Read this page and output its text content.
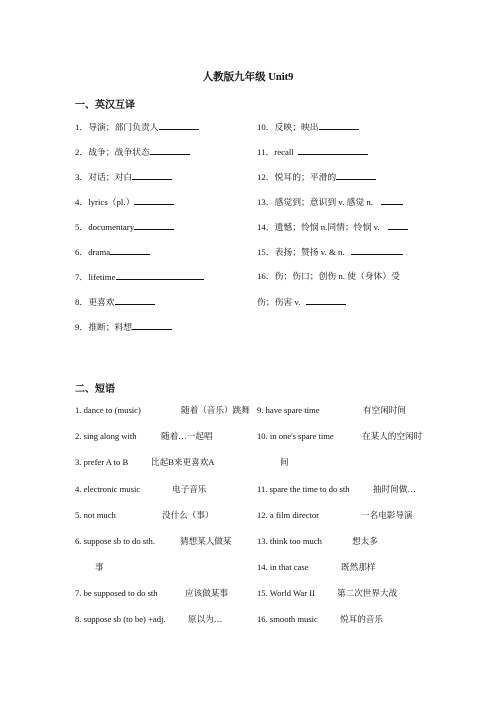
人教版九年级 Unit9
一、英汉互译
1．导演；部门负责人
2．战争；战争状态
3．对话；对白
4．lyrics（pl.）
5．documentary
6．drama
7．lifetime
8．更喜欢
9．推断；料想
10．反映；映出
11．recall
12．悦耳的；平滑的
13．感觉到；意识到 v. 感觉 n.
14．遗憾；怜悯 n.同情；怜悯 v.
15．表扬；赞扬 v. & n.
16．伤；伤口；创伤 n. 使（身体）受
伤；伤害 v.
二、短语
1. dance to (music)	随着（音乐）跳舞
2. sing along with	随着…一起唱
3. prefer A to B	比起B来更喜欢A
4. electronic music	电子音乐
5. not much	没什么（事）
6. suppose sb to do sth.	猜想某人做某
事
7. be supposed to do sth	应该做某事
8. suppose sb (to be) +adj.	原以为…
9. have spare time	有空闲时间
10. in one's spare time	在某人的空闲时
间
11. spare the time to do sth	抽时间做…
12. a film director	一名电影导演
13. think too much	想太多
14. in that case	既然那样
15. World War II	第二次世界大战
16. smooth music	悦耳的音乐
